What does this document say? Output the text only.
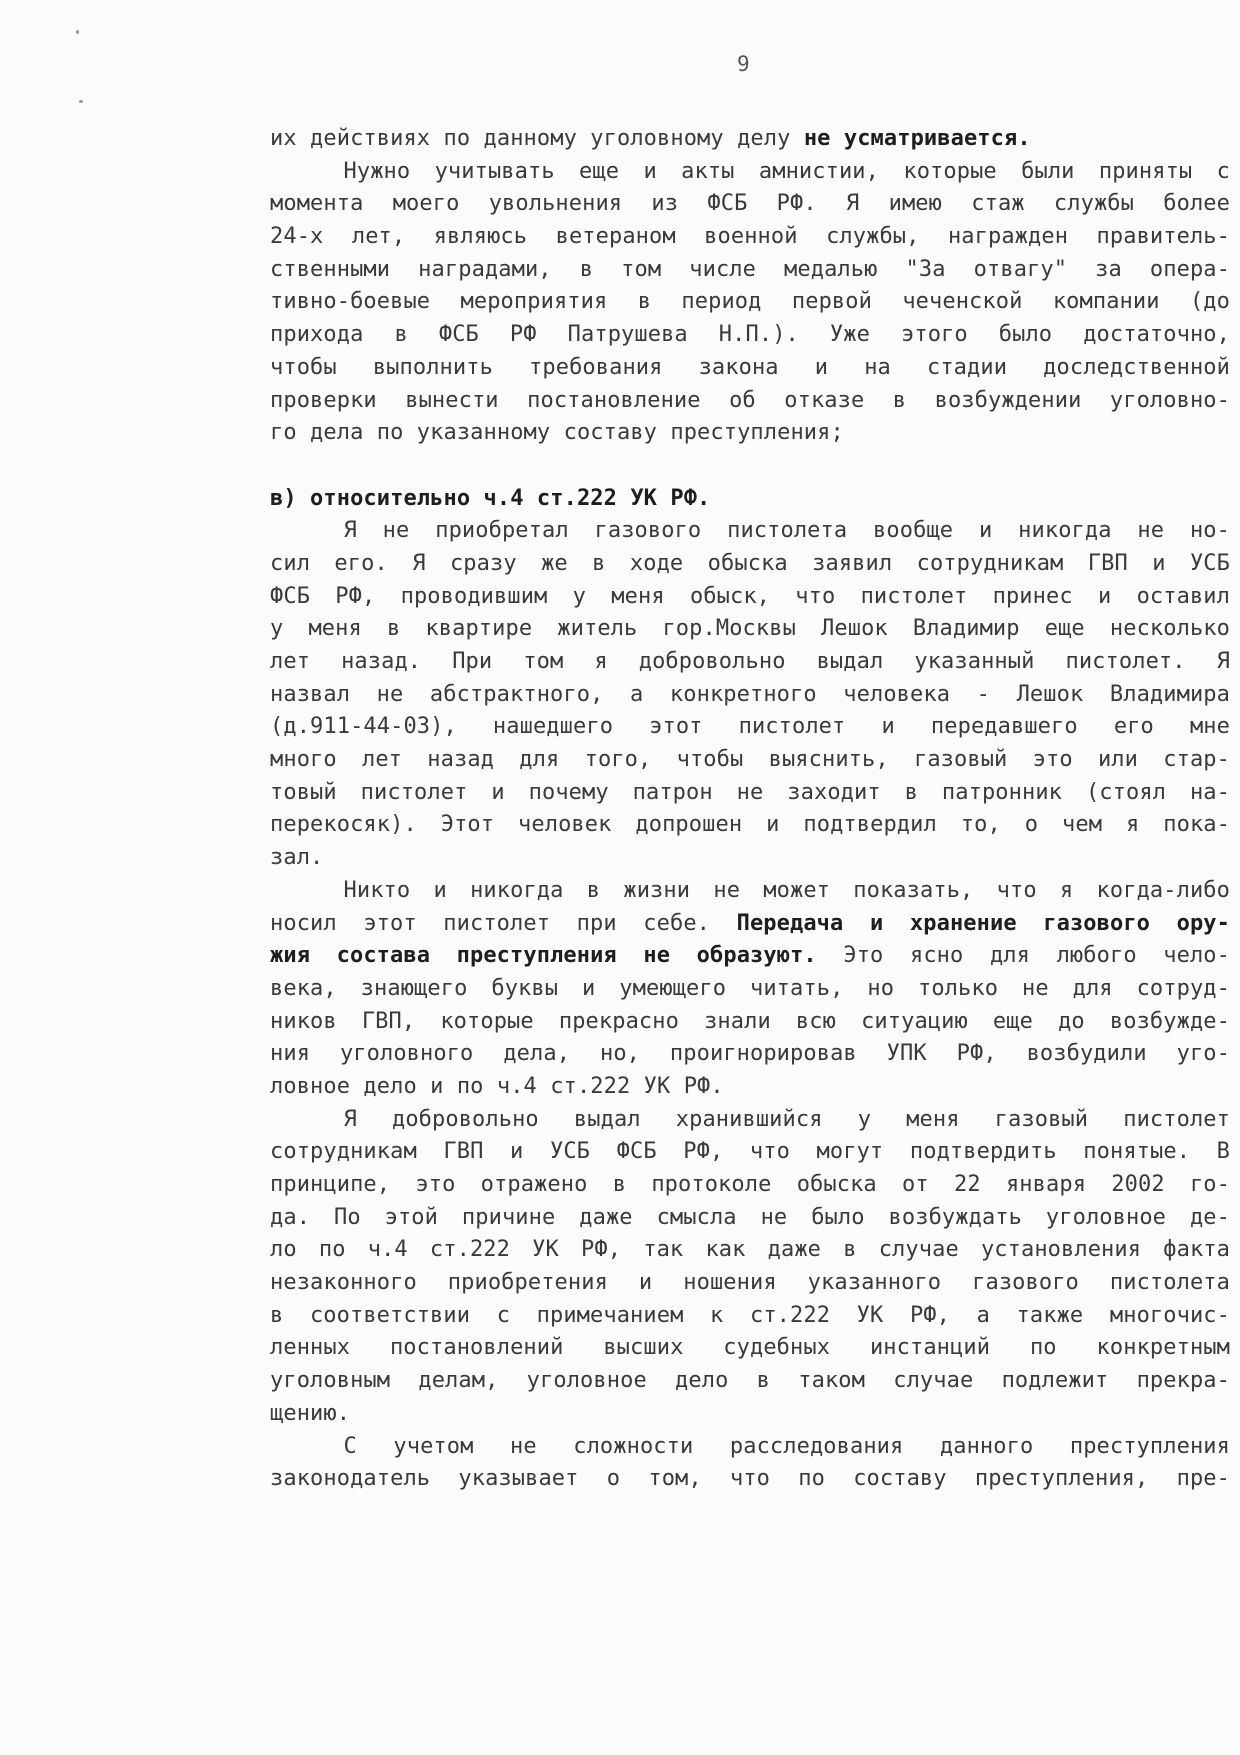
9
их действиях по данному уголовному делу не усматривается.
Нужно учитывать еще и акты амнистии, которые были приняты с
момента моего увольнения из ФСБ РФ. Я имею стаж службы более
24-х лет, являюсь ветераном военной службы, награжден правитель-
ственными наградами, в том числе медалью "За отвагу" за опера-
тивно-боевые мероприятия в период первой чеченской компании (до
прихода в ФСБ РФ Патрушева Н.П.). Уже этого было достаточно,
чтобы выполнить требования закона и на стадии доследственной
проверки вынести постановление об отказе в возбуждении уголовно-
го дела по указанному составу преступления;
в) относительно ч.4 ст.222 УК РФ.
Я не приобретал газового пистолета вообще и никогда не но-
сил его. Я сразу же в ходе обыска заявил сотрудникам ГВП и УСБ
ФСБ РФ, проводившим у меня обыск, что пистолет принес и оставил
у меня в квартире житель гор.Москвы Лешок Владимир еще несколько
лет назад. При том я добровольно выдал указанный пистолет. Я
назвал не абстрактного, а конкретного человека - Лешок Владимира
(д.911-44-03), нашедшего этот пистолет и передавшего его мне
много лет назад для того, чтобы выяснить, газовый это или стар-
товый пистолет и почему патрон не заходит в патронник (стоял на-
перекосяк). Этот человек допрошен и подтвердил то, о чем я пока-
зал.
Никто и никогда в жизни не может показать, что я когда-либо
носил этот пистолет при себе. Передача и хранение газового ору-
жия состава преступления не образуют. Это ясно для любого чело-
века, знающего буквы и умеющего читать, но только не для сотруд-
ников ГВП, которые прекрасно знали всю ситуацию еще до возбужде-
ния уголовного дела, но, проигнорировав УПК РФ, возбудили уго-
ловное дело и по ч.4 ст.222 УК РФ.
Я добровольно выдал хранившийся у меня газовый пистолет
сотрудникам ГВП и УСБ ФСБ РФ, что могут подтвердить понятые. В
принципе, это отражено в протоколе обыска от 22 января 2002 го-
да. По этой причине даже смысла не было возбуждать уголовное де-
ло по ч.4 ст.222 УК РФ, так как даже в случае установления факта
незаконного приобретения и ношения указанного газового пистолета
в соответствии с примечанием к ст.222 УК РФ, а также многочис-
ленных постановлений высших судебных инстанций по конкретным
уголовным делам, уголовное дело в таком случае подлежит прекра-
щению.
С учетом не сложности расследования данного преступления
законодатель указывает о том, что по составу преступления, пре-
